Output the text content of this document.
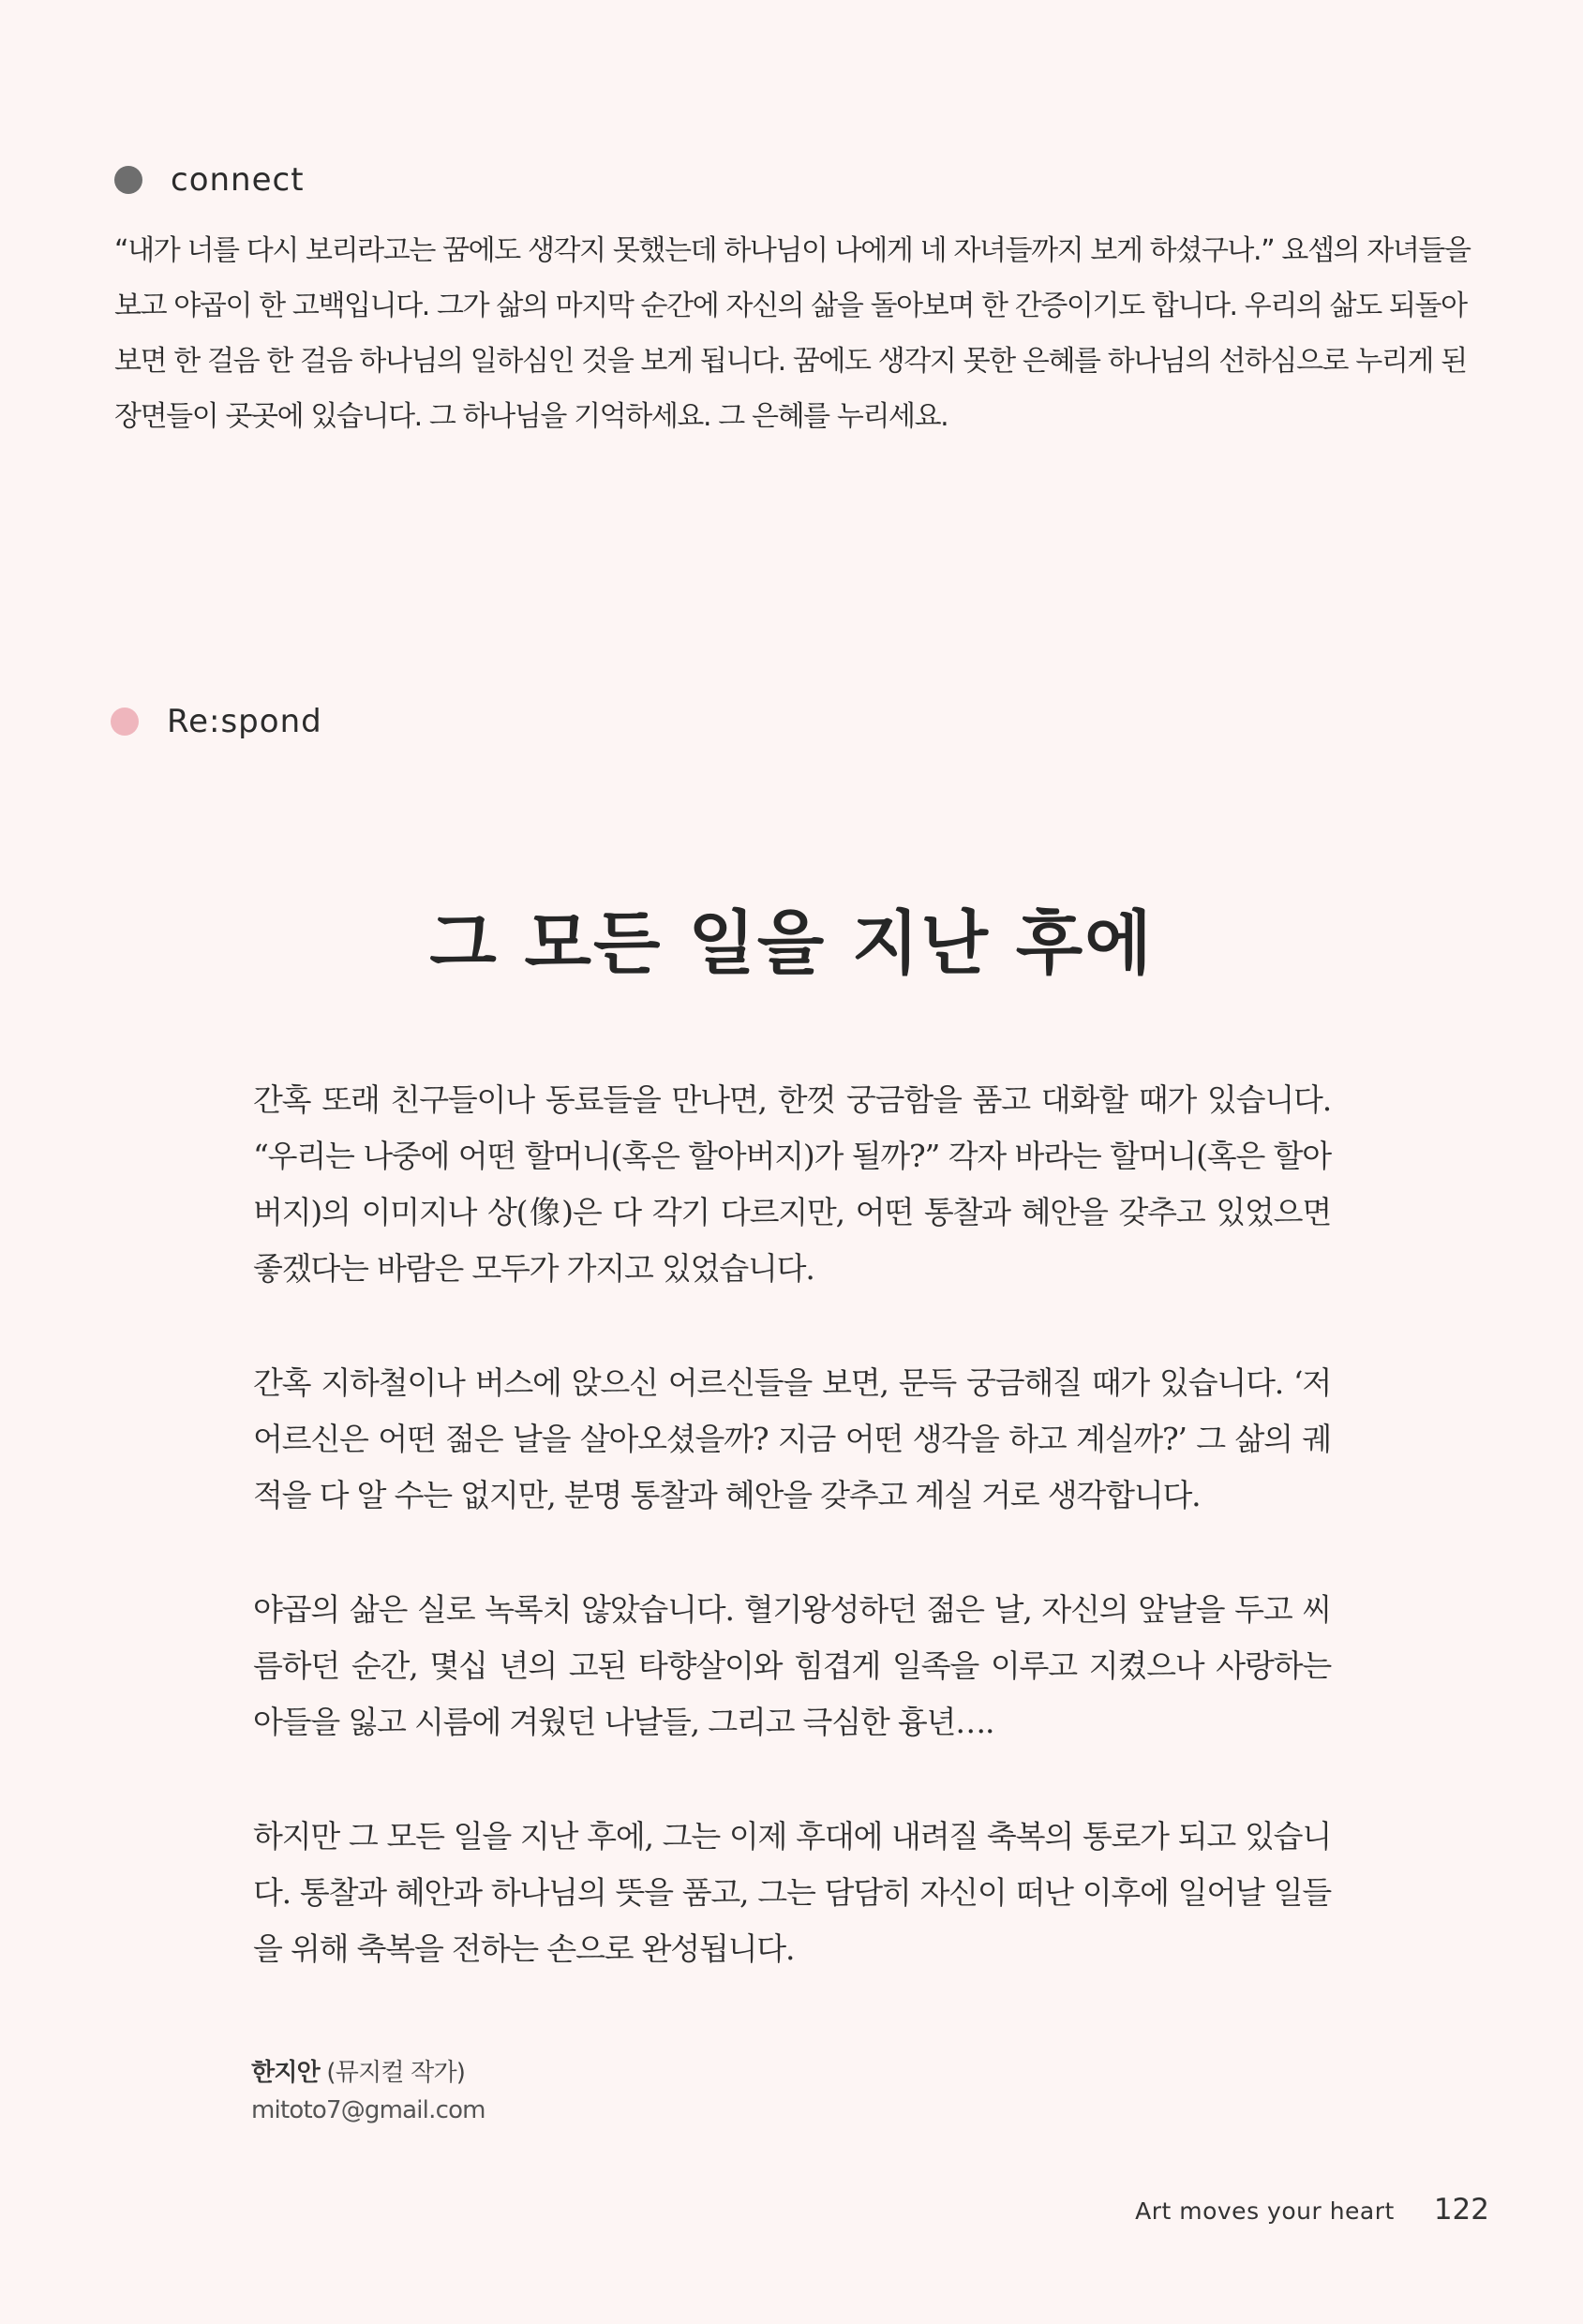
connect

“내가 너를 다시 보리라고는 꿈에도 생각지 못했는데 하나님이 나에게 네 자녀들까지 보게 하셨구나.” 요셉의 자녀들을 보고 야곱이 한 고백입니다. 그가 삶의 마지막 순간에 자신의 삶을 돌아보며 한 간증이기도 합니다. 우리의 삶도 되돌아보면 한 걸음 한 걸음 하나님의 일하심인 것을 보게 됩니다. 꿈에도 생각지 못한 은혜를 하나님의 선하심으로 누리게 된 장면들이 곳곳에 있습니다. 그 하나님을 기억하세요. 그 은혜를 누리세요.

Re:spond
그 모든 일을 지난 후에

간혹 또래 친구들이나 동료들을 만나면, 한껏 궁금함을 품고 대화할 때가 있습니다. “우리는 나중에 어떤 할머니(혹은 할아버지)가 될까?” 각자 바라는 할머니(혹은 할아버지)의 이미지나 상(像)은 다 각기 다르지만, 어떤 통찰과 혜안을 갖추고 있었으면 좋겠다는 바람은 모두가 가지고 있었습니다.

간혹 지하철이나 버스에 앉으신 어르신들을 보면, 문득 궁금해질 때가 있습니다. ‘저 어르신은 어떤 젊은 날을 살아오셨을까? 지금 어떤 생각을 하고 계실까?’ 그 삶의 궤적을 다 알 수는 없지만, 분명 통찰과 혜안을 갖추고 계실 거로 생각합니다.

야곱의 삶은 실로 녹록치 않았습니다. 혈기왕성하던 젊은 날, 자신의 앞날을 두고 씨름하던 순간, 몇십 년의 고된 타향살이와 힘겹게 일족을 이루고 지켰으나 사랑하는 아들을 잃고 시름에 겨웠던 나날들, 그리고 극심한 흉년….

하지만 그 모든 일을 지난 후에, 그는 이제 후대에 내려질 축복의 통로가 되고 있습니다. 통찰과 혜안과 하나님의 뜻을 품고, 그는 담담히 자신이 떠난 이후에 일어날 일들을 위해 축복을 전하는 손으로 완성됩니다.

한지안 (뮤지컬 작가)
mitoto7@gmail.com
Art moves your heart 122
